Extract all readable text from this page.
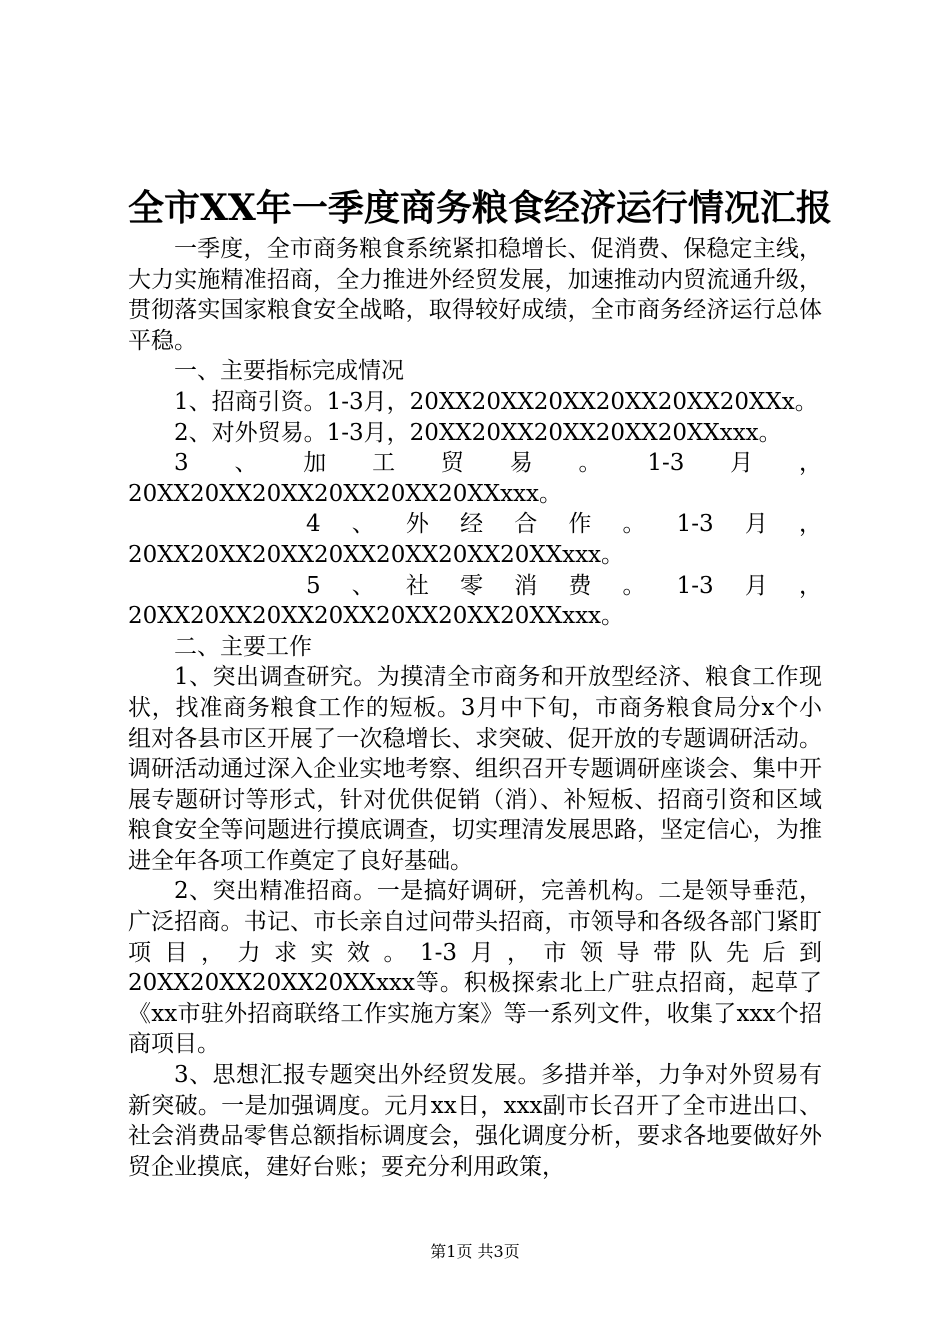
全市XX年一季度商务粮食经济运行情况汇报

一季度，全市商务粮食系统紧扣稳增长、促消费、保稳定主线，大力实施精准招商，全力推进外经贸发展，加速推动内贸流通升级，贯彻落实国家粮食安全战略，取得较好成绩，全市商务经济运行总体平稳。

一、主要指标完成情况

1、招商引资。1-3月，20XX20XX20XX20XX20XX20XXx。

2、对外贸易。1-3月，20XX20XX20XX20XX20XXxxx。

3、加工贸易。1-3月，20XX20XX20XX20XX20XX20XXxxx。

4 、 外 经 合 作 。 1-3 月 ，
20XX20XX20XX20XX20XX20XX20XXxxx。
5 、 社 零 消 费 。 1-3 月 ，
20XX20XX20XX20XX20XX20XX20XXxxx。

二、主要工作

1、突出调查研究。为摸清全市商务和开放型经济、粮食工作现状，找准商务粮食工作的短板。3月中下旬，市商务粮食局分x个小组对各县市区开展了一次稳增长、求突破、促开放的专题调研活动。调研活动通过深入企业实地考察、组织召开专题调研座谈会、集中开展专题研讨等形式，针对优供促销（消）、补短板、招商引资和区域粮食安全等问题进行摸底调查，切实理清发展思路，坚定信心，为推进全年各项工作奠定了良好基础。

2、突出精准招商。一是搞好调研，完善机构。二是领导垂范，广泛招商。书记、市长亲自过问带头招商，市领导和各级各部门紧盯项目，力求实效。1-3月，市领导带队先后到20XX20XX20XX20XXxxx等。积极探索北上广驻点招商，起草了《xx市驻外招商联络工作实施方案》等一系列文件，收集了xxx个招商项目。

3、思想汇报专题突出外经贸发展。多措并举，力争对外贸易有新突破。一是加强调度。元月xx日，xxx副市长召开了全市进出口、社会消费品零售总额指标调度会，强化调度分析，要求各地要做好外贸企业摸底，建好台账；要充分利用政策，

第1页 共3页
